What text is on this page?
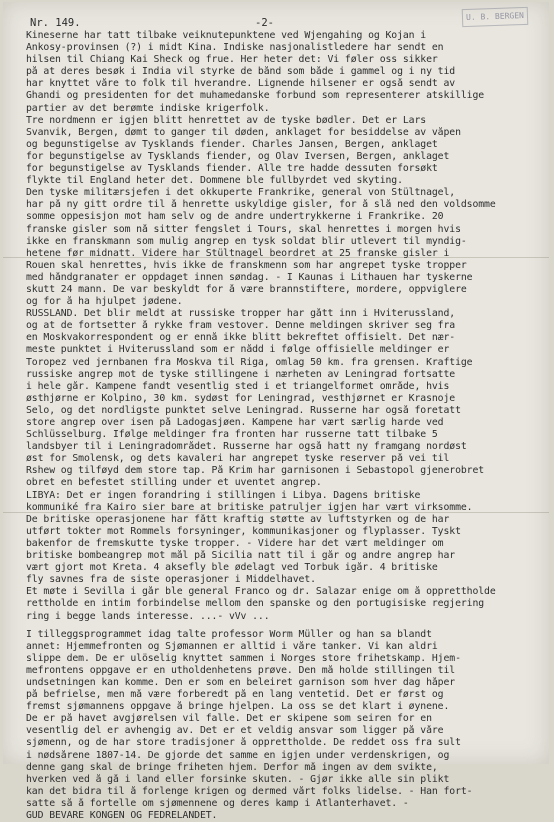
U. B. BERGEN
Nr. 149.	-2-
Kineserne har tatt tilbake veiknutepunktene ved Wjengahing og Kojan i
Ankosy-provinsen (?) i midt Kina. Indiske nasjonalistledere har sendt en
hilsen til Chiang Kai Sheck og frue. Her heter det: Vi føler oss sikker
på at deres besøk i India vil styrke de bånd som både i gammel og i ny tid
har knyttet våre to folk til hverandre. Lignende hilsener er også sendt av
Ghandi og presidenten for det muhamedanske forbund som representerer atskillige
partier av det berømte indiske krigerfolk.
Tre nordmenn er igjen blitt henrettet av de tyske bødler. Det er Lars
Svanvik, Bergen, dømt to ganger til døden, anklaget for besiddelse av våpen
og begunstigelse av Tysklands fiender. Charles Jansen, Bergen, anklaget
for begunstigelse av Tysklands fiender, og Olav Iversen, Bergen, anklaget
for begunstigelse av Tysklands fiender. Alle tre hadde dessuten forsøkt
flykte til England heter det. Dommene ble fullbyrdet ved skyting.
Den tyske militærsjefen i det okkuperte Frankrike, general von Stültnagel,
har på ny gitt ordre til å henrette uskyldige gisler, for å slå ned den voldsomme
somme oppesisjon mot ham selv og de andre undertrykkerne i Frankrike. 20
franske gisler som nå sitter fengslet i Tours, skal henrettes i morgen hvis
ikke en franskmann som mulig angrep en tysk soldat blir utlevert til myndig-
hetene før midnatt. Videre har Stültnagel beordret at 25 franske gisler i
Rouen skal henrettes, hvis ikke de franskmenn som har angrepet tyske tropper
med håndgranater er oppdaget innen søndag. - I Kaunas i Lithauen har tyskerne
skutt 24 mann. De var beskyldt for å være brannstiftere, mordere, oppviglere
og for å ha hjulpet jødene.
RUSSLAND. Det blir meldt at russiske tropper har gått inn i Hviterussland,
og at de fortsetter å rykke fram vestover. Denne meldingen skriver seg fra
en Moskvakorrespondent og er ennå ikke blitt bekreftet offisielt. Det nær-
meste punktet i Hviterussland som er nådd i følge offisielle meldinger er
Toropez ved jernbanen fra Moskva til Riga, omlag 50 km. fra grensen. Kraftige
russiske angrep mot de tyske stillingene i nærheten av Leningrad fortsatte
i hele går. Kampene fandt vesentlig sted i et triangelformet område, hvis
østhjørne er Kolpino, 30 km. sydøst for Leningrad, vesthjørnet er Krasnoje
Selo, og det nordligste punktet selve Leningrad. Russerne har også foretatt
store angrep over isen på Ladogasjøen. Kampene har vært særlig harde ved
Schlüsselburg. Ifølge meldinger fra fronten har russerne tatt tilbake 5
landsbyer til i Leningradområdet. Russerne har også hatt ny framgang nordøst
øst for Smolensk, og dets kavaleri har angrepet tyske reserver på vei til
Rshew og tilføyd dem store tap. På Krim har garnisonen i Sebastopol gjenerobret
obret en befestet stilling under et uventet angrep.
LIBYA: Det er ingen forandring i stillingen i Libya. Dagens britiske
kommuniké fra Kairo sier bare at britiske patruljer igjen har vært virksomme.
De britiske operasjonene har fått kraftig støtte av luftstyrken og de har
utført tokter mot Rommels forsyninger, kommunikasjoner og flyplasser. Tyskt
bakenfor de fremskutte tyske tropper. - Videre har det vært meldinger om
britiske bombeangrep mot mål på Sicilia natt til i går og andre angrep har
vært gjort mot Kreta. 4 aksefly ble ødelagt ved Torbuk igår. 4 britiske
fly savnes fra de siste operasjoner i Middelhavet.
Et møte i Sevilla i går ble general Franco og dr. Salazar enige om å opprettholde
rettholde en intim forbindelse mellom den spanske og den portugisiske regjering
ring i begge lands interesse. ...- vVv ...
I tilleggsprogrammet idag talte professor Worm Müller og han sa blandt
annet: Hjemmefronten og Sjømannen er alltid i våre tanker. Vi kan aldri
slippe dem. De er ulöselig knyttet sammen i Norges store frihetskamp. Hjem-
mefrontens oppgave er en utholdenhetens prøve. Den må holde stillingen til
undsetningen kan komme. Den er som en beleiret garnison som hver dag håper
på befrielse, men må være forberedt på en lang ventetid. Det er først og
fremst sjømannens oppgave å bringe hjelpen. La oss se det klart i øynene.
De er på havet avgjørelsen vil falle. Det er skipene som seiren for en
vesentlig del er avhengig av. Det er et veldig ansvar som ligger på våre
sjømenn, og de har store tradisjoner å opprettholde. De reddet oss fra sult
i nødsårene 1807-14. De gjorde det samme en igjen under verdenskrigen, og
denne gang skal de bringe friheten hjem. Derfor må ingen av dem svikte,
hverken ved å gå i land eller forsinke skuten. - Gjør ikke alle sin plikt
kan det bidra til å forlenge krigen og dermed vårt folks lidelse. - Han fort-
satte så å fortelle om sjømennene og deres kamp i Atlanterhavet. -
GUD BEVARE KONGEN OG FEDRELANDET.
